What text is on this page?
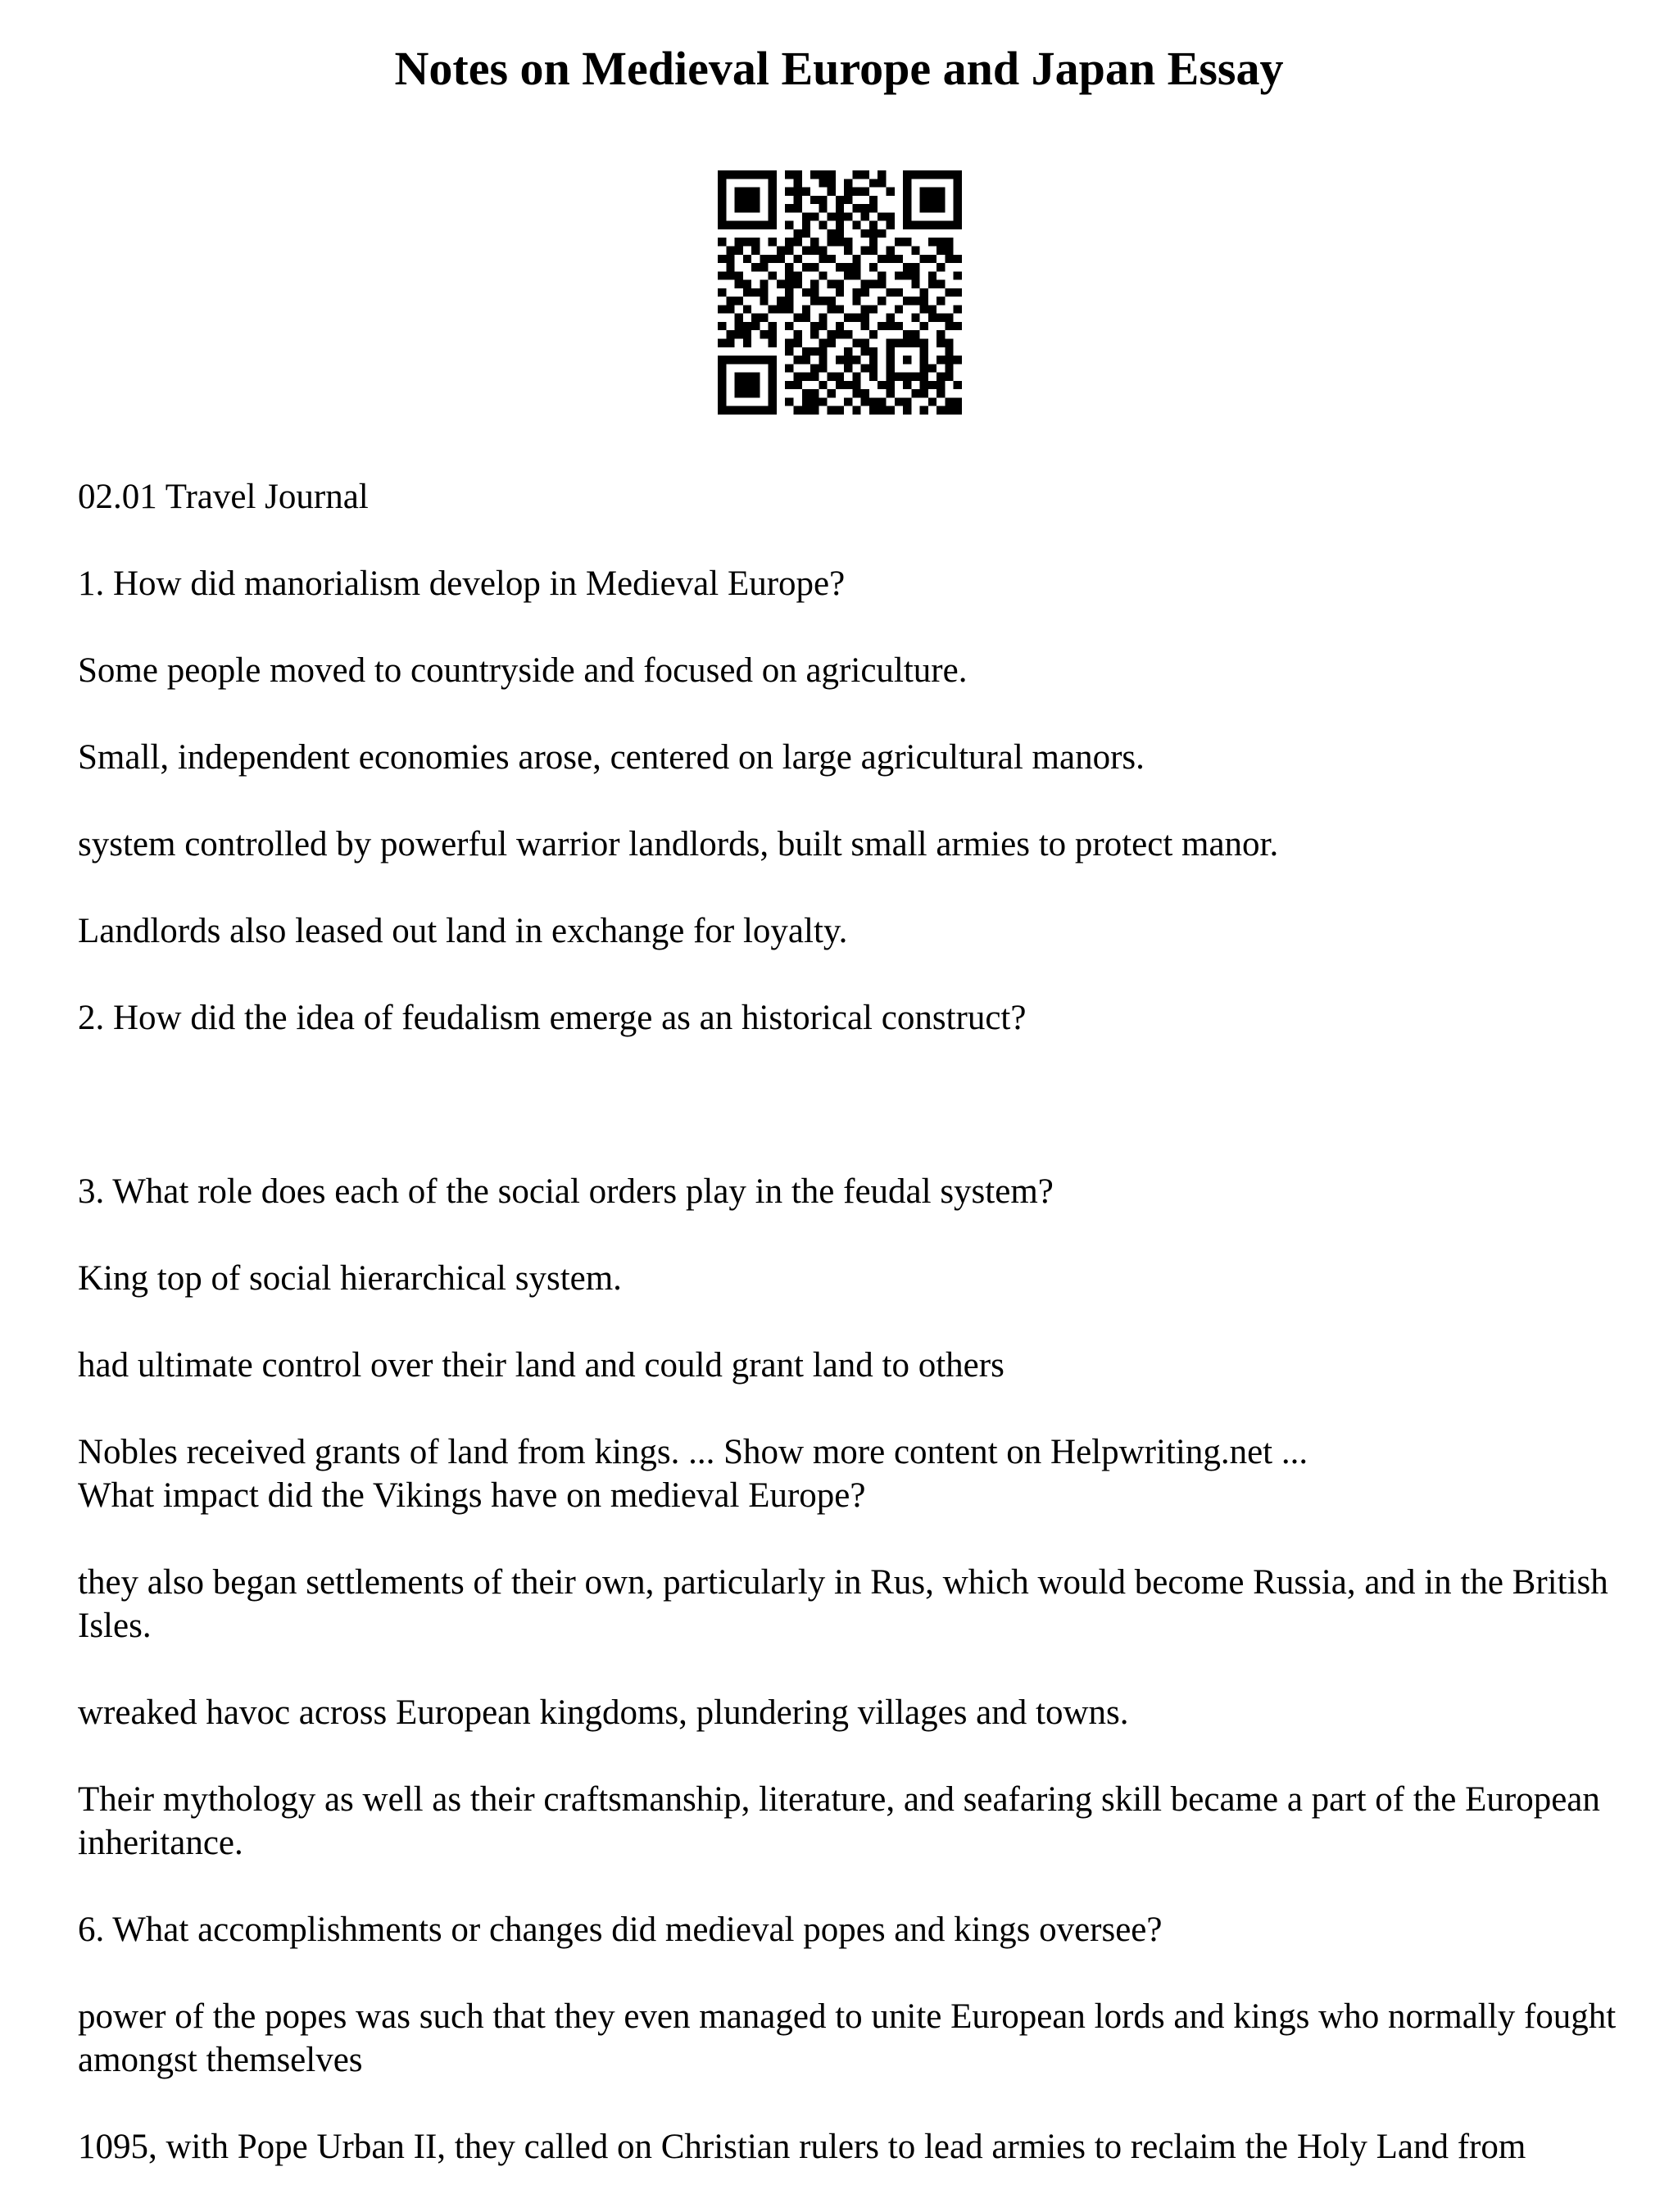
Notes on Medieval Europe and Japan Essay

02.01 Travel Journal

1. How did manorialism develop in Medieval Europe?

Some people moved to countryside and focused on agriculture.

Small, independent economies arose, centered on large agricultural manors.

system controlled by powerful warrior landlords, built small armies to protect manor.

Landlords also leased out land in exchange for loyalty.

2. How did the idea of feudalism emerge as an historical construct?

3. What role does each of the social orders play in the feudal system?

King top of social hierarchical system.

had ultimate control over their land and could grant land to others

Nobles received grants of land from kings. ... Show more content on Helpwriting.net ...

What impact did the Vikings have on medieval Europe?

they also began settlements of their own, particularly in Rus, which would become Russia, and in the British Isles.

wreaked havoc across European kingdoms, plundering villages and towns.

Their mythology as well as their craftsmanship, literature, and seafaring skill became a part of the European inheritance.

6. What accomplishments or changes did medieval popes and kings oversee?

power of the popes was such that they even managed to unite European lords and kings who normally fought amongst themselves

1095, with Pope Urban II, they called on Christian rulers to lead armies to reclaim the Holy Land from
